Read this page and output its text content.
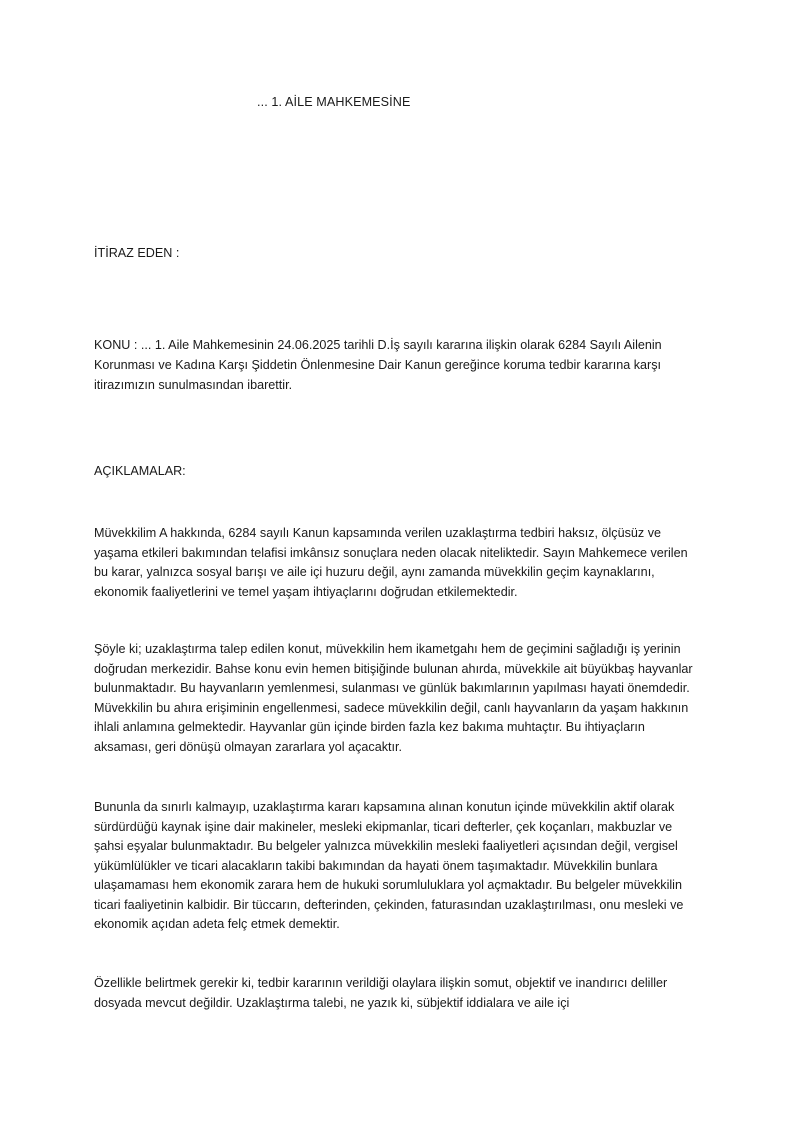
... 1. AİLE MAHKEMESİNE
İTİRAZ EDEN :
KONU : ... 1. Aile Mahkemesinin 24.06.2025 tarihli D.İş sayılı kararına ilişkin olarak 6284 Sayılı Ailenin Korunması ve Kadına Karşı Şiddetin Önlenmesine Dair Kanun gereğince koruma tedbir kararına karşı itirazımızın sunulmasından ibarettir.
AÇIKLAMALAR:

Müvekkilim A hakkında, 6284 sayılı Kanun kapsamında verilen uzaklaştırma tedbiri haksız, ölçüsüz ve yaşama etkileri bakımından telafisi imkânsız sonuçlara neden olacak niteliktedir. Sayın Mahkemece verilen bu karar, yalnızca sosyal barışı ve aile içi huzuru değil, aynı zamanda müvekkilin geçim kaynaklarını, ekonomik faaliyetlerini ve temel yaşam ihtiyaçlarını doğrudan etkilemektedir.

Şöyle ki; uzaklaştırma talep edilen konut, müvekkilin hem ikametgahı hem de geçimini sağladığı iş yerinin doğrudan merkezidir. Bahse konu evin hemen bitişiğinde bulunan ahırda, müvekkile ait büyükbaş hayvanlar bulunmaktadır. Bu hayvanların yemlenmesi, sulanması ve günlük bakımlarının yapılması hayati önemdedir. Müvekkilin bu ahıra erişiminin engellenmesi, sadece müvekkilin değil, canlı hayvanların da yaşam hakkının ihlali anlamına gelmektedir. Hayvanlar gün içinde birden fazla kez bakıma muhtaçtır. Bu ihtiyaçların aksaması, geri dönüşü olmayan zararlara yol açacaktır.

Bununla da sınırlı kalmayıp, uzaklaştırma kararı kapsamına alınan konutun içinde müvekkilin aktif olarak sürdürdüğü kaynak işine dair makineler, mesleki ekipmanlar, ticari defterler, çek koçanları, makbuzlar ve şahsi eşyalar bulunmaktadır. Bu belgeler yalnızca müvekkilin mesleki faaliyetleri açısından değil, vergisel yükümlülükler ve ticari alacakların takibi bakımından da hayati önem taşımaktadır. Müvekkilin bunlara ulaşamaması hem ekonomik zarara hem de hukuki sorumluluklara yol açmaktadır. Bu belgeler müvekkilin ticari faaliyetinin kalbidir. Bir tüccarın, defterinden, çekinden, faturasından uzaklaştırılması, onu mesleki ve ekonomik açıdan adeta felç etmek demektir.

Özellikle belirtmek gerekir ki, tedbir kararının verildiği olaylara ilişkin somut, objektif ve inandırıcı deliller dosyada mevcut değildir. Uzaklaştırma talebi, ne yazık ki, sübjektif iddialara ve aile içi
